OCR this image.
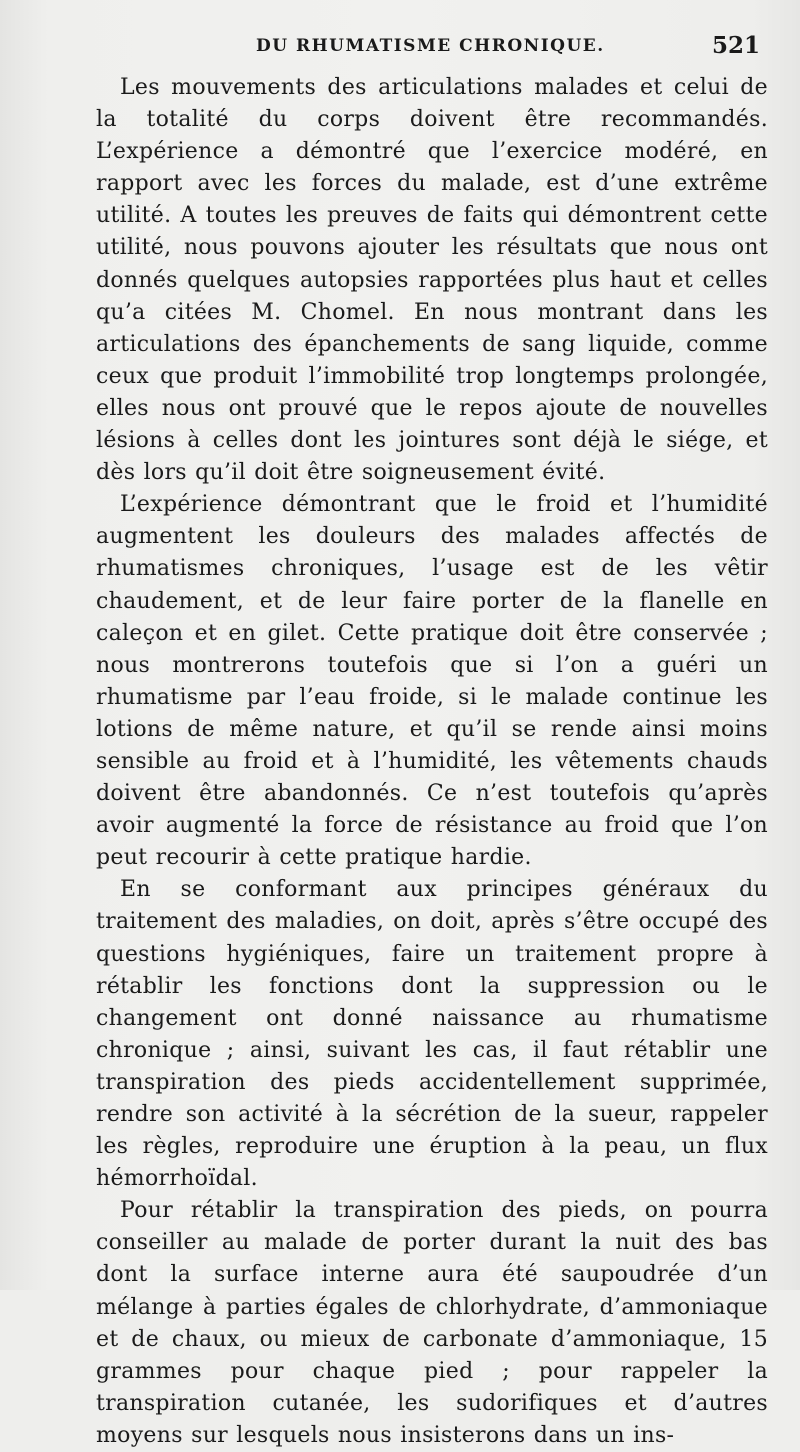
DU RHUMATISME CHRONIQUE.	521

Les mouvements des articulations malades et celui de la totalité du corps doivent être recommandés. L’expérience a démontré que l’exercice modéré, en rapport avec les forces du malade, est d’une extrême utilité. A toutes les preuves de faits qui démontrent cette utilité, nous pouvons ajouter les résultats que nous ont donnés quelques autopsies rapportées plus haut et celles qu’a citées M. Chomel. En nous montrant dans les articulations des épanchements de sang liquide, comme ceux que produit l’immobilité trop longtemps prolongée, elles nous ont prouvé que le repos ajoute de nouvelles lésions à celles dont les jointures sont déjà le siége, et dès lors qu’il doit être soigneusement évité.

L’expérience démontrant que le froid et l’humidité augmentent les douleurs des malades affectés de rhumatismes chroniques, l’usage est de les vêtir chaudement, et de leur faire porter de la flanelle en caleçon et en gilet. Cette pratique doit être conservée ; nous montrerons toutefois que si l’on a guéri un rhumatisme par l’eau froide, si le malade continue les lotions de même nature, et qu’il se rende ainsi moins sensible au froid et à l’humidité, les vêtements chauds doivent être abandonnés. Ce n’est toutefois qu’après avoir augmenté la force de résistance au froid que l’on peut recourir à cette pratique hardie.

En se conformant aux principes généraux du traitement des maladies, on doit, après s’être occupé des questions hygiéniques, faire un traitement propre à rétablir les fonctions dont la suppression ou le changement ont donné naissance au rhumatisme chronique ; ainsi, suivant les cas, il faut rétablir une transpiration des pieds accidentellement supprimée, rendre son activité à la sécrétion de la sueur, rappeler les règles, reproduire une éruption à la peau, un flux hémorrhoïdal.

Pour rétablir la transpiration des pieds, on pourra conseiller au malade de porter durant la nuit des bas dont la surface interne aura été saupoudrée d’un mélange à parties égales de chlorhydrate, d’ammoniaque et de chaux, ou mieux de carbonate d’ammoniaque, 15 grammes pour chaque pied ; pour rappeler la transpiration cutanée, les sudorifiques et d’autres moyens sur lesquels nous insisterons dans un ins-
